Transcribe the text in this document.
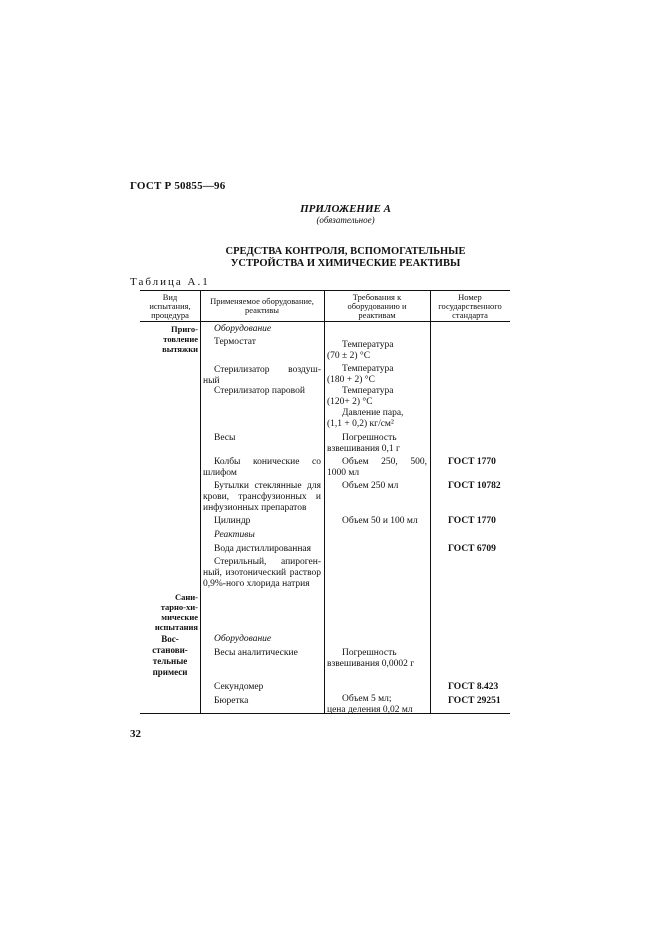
ГОСТ Р 50855—96
ПРИЛОЖЕНИЕ А
(обязательное)
СРЕДСТВА КОНТРОЛЯ, ВСПОМОГАТЕЛЬНЫЕ
УСТРОЙСТВА И ХИМИЧЕСКИЕ РЕАКТИВЫ
Таблица А.1
Вид
испытания,
процедура
Применяемое оборудование,
реактивы
Требования к
оборудованию и
реактивам
Номер
государственного
стандарта
Приго-
товление
вытяжки
Сани-
тарно-хи-
мические
испытания
Вос-
станови-
тельные
примеси
Оборудование
Термостат
Стерилизатор воздуш-
ный
Стерилизатор паровой
Весы
Колбы конические со
шлифом
Бутылки стеклянные для
крови, трансфузионных и
инфузионных препаратов
Цилиндр
Реактивы
Вода дистиллированная
Стерильный, апироген-
ный, изотонический раствор
0,9%-ного хлорида натрия
Оборудование
Весы аналитические
Секундомер
Бюретка
Температура
(70 ± 2) °С
Температура
(120+ 2) °С
Давление пара,
(1,1 + 0,2) кг/см²
Погрешность
взвешивания 0,1 г
Объем 250, 500,
1000 мл
Объем 250 мл
Объем 50 и 100 мл
Погрешность
взвешивания 0,0002 г
Объем 5 мл;
цена деления 0,02 мл
ГОСТ 1770
ГОСТ 10782
ГОСТ 1770
ГОСТ 6709
ГОСТ 8.423
ГОСТ 29251
Температура
(180 + 2) °С
32
